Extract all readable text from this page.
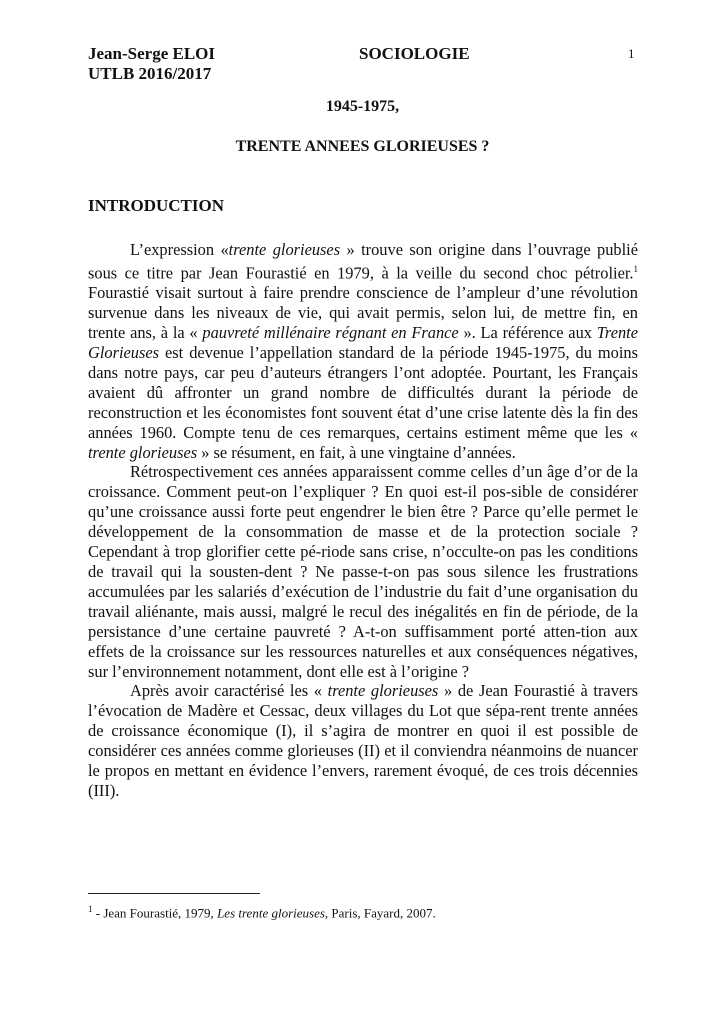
Jean-Serge ELOI
UTLB 2016/2017
SOCIOLOGIE	1
1945-1975,
TRENTE ANNEES GLORIEUSES ?
INTRODUCTION

L’expression «trente glorieuses » trouve son origine dans l’ouvrage publié sous ce titre par Jean Fourastié en 1979, à la veille du second choc pétrolier.$^1$ Fourastié visait surtout à faire prendre conscience de l’ampleur d’une révolution survenue dans les niveaux de vie, qui avait permis, selon lui, de mettre fin, en trente ans, à la « pauvreté millénaire régnant en France ». La référence aux Trente Glorieuses est devenue l’appellation standard de la période 1945-1975, du moins dans notre pays, car peu d’auteurs étrangers l’ont adoptée. Pourtant, les Français avaient dû affronter un grand nombre de difficultés durant la période de reconstruction et les économistes font souvent état d’une crise latente dès la fin des années 1960. Compte tenu de ces remarques, certains estiment même que les « trente glorieuses » se résument, en fait, à une vingtaine d’années.

Rétrospectivement ces années apparaissent comme celles d’un âge d’or de la croissance. Comment peut-on l’expliquer ? En quoi est-il pos-sible de considérer qu’une croissance aussi forte peut engendrer le bien être ? Parce qu’elle permet le développement de la consommation de masse et de la protection sociale ? Cependant à trop glorifier cette pé-riode sans crise, n’occulte-on pas les conditions de travail qui la sousten-dent ? Ne passe-t-on pas sous silence les frustrations accumulées par les salariés d’exécution de l’industrie du fait d’une organisation du travail aliénante, mais aussi, malgré le recul des inégalités en fin de période, de la persistance d’une certaine pauvreté ? A-t-on suffisamment porté atten-tion aux effets de la croissance sur les ressources naturelles et aux conséquences négatives, sur l’environnement notamment, dont elle est à l’origine ?

Après avoir caractérisé les « trente glorieuses » de Jean Fourastié à travers l’évocation de Madère et Cessac, deux villages du Lot que sépa-rent trente années de croissance économique (I), il s’agira de montrer en quoi il est possible de considérer ces années comme glorieuses (II) et il conviendra néanmoins de nuancer le propos en mettant en évidence l’envers, rarement évoqué, de ces trois décennies (III).

$^1$ - Jean Fourastié, 1979, Les trente glorieuses, Paris, Fayard, 2007.
